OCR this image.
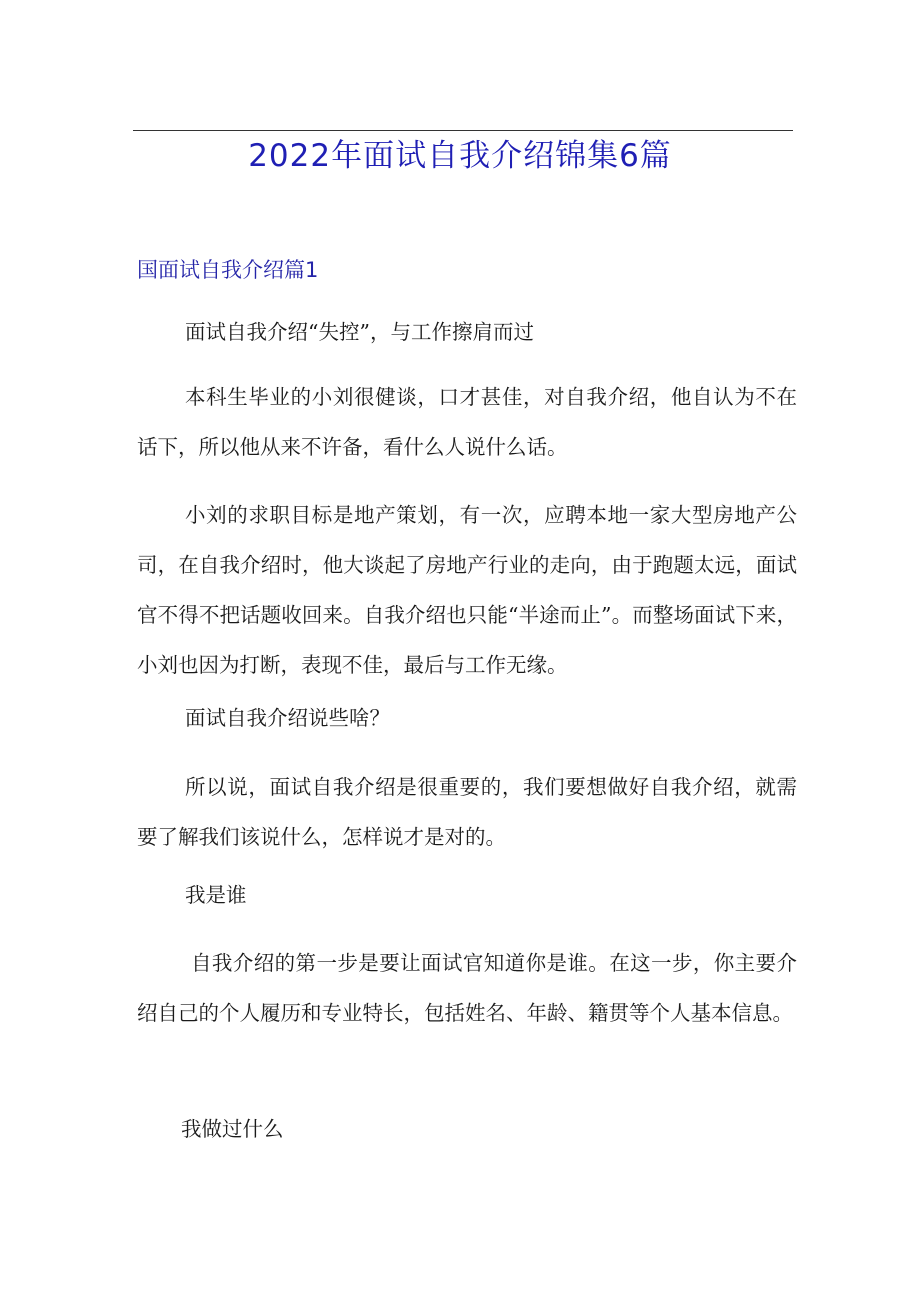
2022年面试自我介绍锦集6篇
国面试自我介绍篇1

面试自我介绍“失控”，与工作擦肩而过

本科生毕业的小刘很健谈，口才甚佳，对自我介绍，他自认为不在话下，所以他从来不许备，看什么人说什么话。

小刘的求职目标是地产策划，有一次，应聘本地一家大型房地产公司，在自我介绍时，他大谈起了房地产行业的走向，由于跑题太远，面试官不得不把话题收回来。自我介绍也只能“半途而止”。而整场面试下来，小刘也因为打断，表现不佳，最后与工作无缘。

面试自我介绍说些啥？

所以说，面试自我介绍是很重要的，我们要想做好自我介绍，就需要了解我们该说什么，怎样说才是对的。

我是谁

自我介绍的第一步是要让面试官知道你是谁。在这一步，你主要介绍自己的个人履历和专业特长，包括姓名、年龄、籍贯等个人基本信息。

我做过什么
